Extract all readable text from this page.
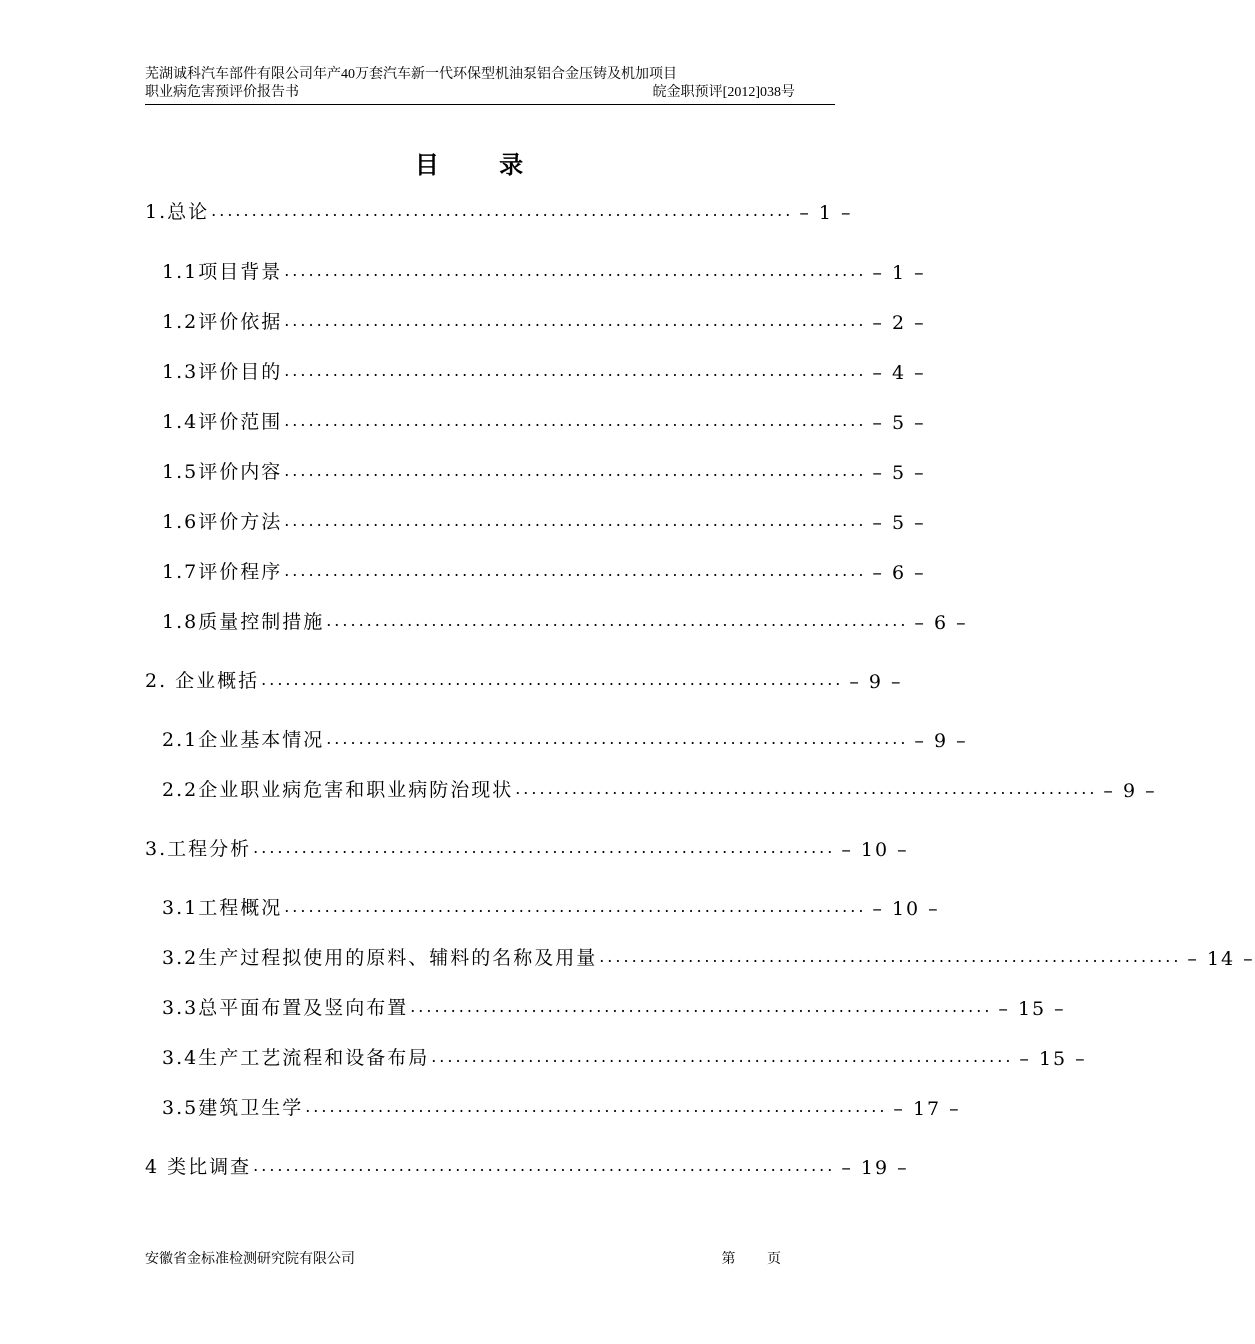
芜湖诚科汽车部件有限公司年产40万套汽车新一代环保型机油泵铝合金压铸及机加项目
职业病危害预评价报告书	皖金职预评[2012]038号
目 录
1.总论 ........................................................................ – 1 –
1.1项目背景 ........................................................................ – 1 –
1.2评价依据 ........................................................................ – 2 –
1.3评价目的 ........................................................................ – 4 –
1.4评价范围 ........................................................................ – 5 –
1.5评价内容 ........................................................................ – 5 –
1.6评价方法 ........................................................................ – 5 –
1.7评价程序 ........................................................................ – 6 –
1.8质量控制措施 ........................................................................ – 6 –
2. 企业概括 ........................................................................ – 9 –
2.1企业基本情况 ........................................................................ – 9 –
2.2企业职业病危害和职业病防治现状 ........................................................................ – 9 –
3.工程分析 ........................................................................ – 10 –
3.1工程概况 ........................................................................ – 10 –
3.2生产过程拟使用的原料、辅料的名称及用量 ........................................................................ – 14 –
3.3总平面布置及竖向布置 ........................................................................ – 15 –
3.4生产工艺流程和设备布局 ........................................................................ – 15 –
3.5建筑卫生学 ........................................................................ – 17 –
4 类比调查 ........................................................................ – 19 –
安徽省金标准检测研究院有限公司	第 页
